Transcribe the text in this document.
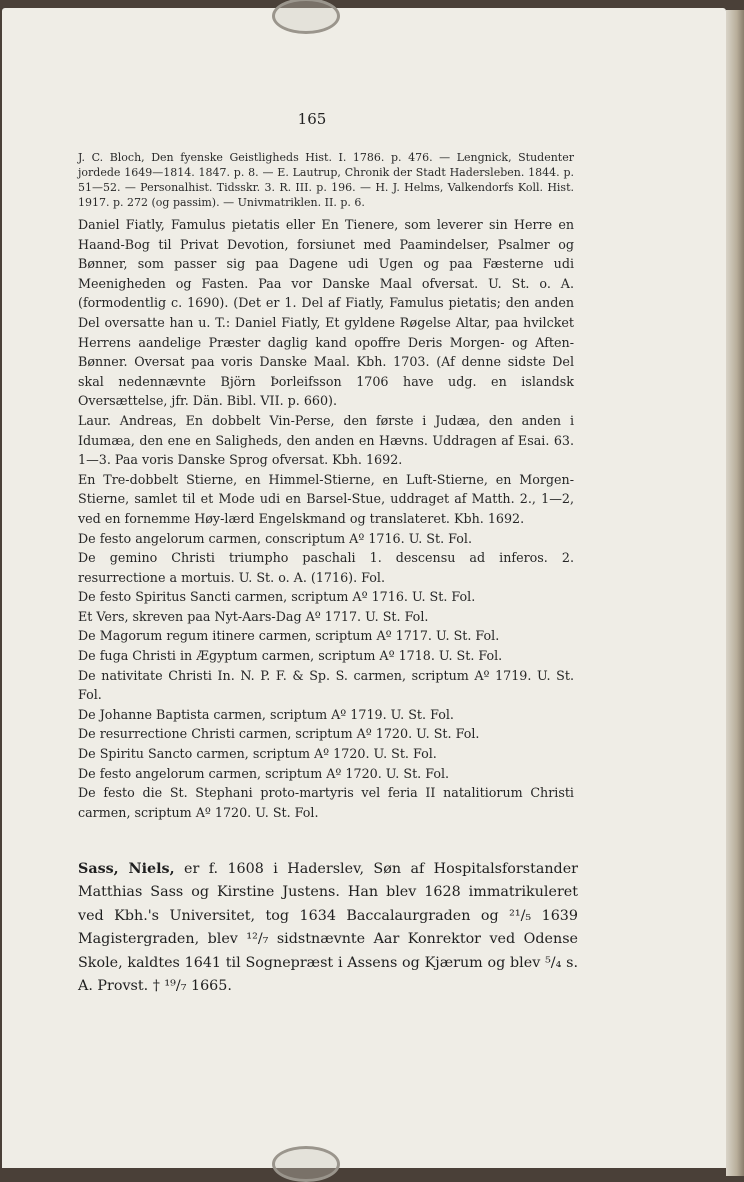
165
J. C. Bloch, Den fyenske Geistligheds Hist. I. 1786. p. 476. — Lengnick, Studenter jordede 1649—1814. 1847. p. 8. — E. Lautrup, Chronik der Stadt Hadersleben. 1844. p. 51—52. — Personalhist. Tidsskr. 3. R. III. p. 196. — H. J. Helms, Valkendorfs Koll. Hist. 1917. p. 272 (og passim). — Univmatriklen. II. p. 6.

Daniel Fiatly, Famulus pietatis eller En Tienere, som leverer sin Herre en Haand-Bog til Privat Devotion, forsiunet med Paamindelser, Psalmer og Bønner, som passer sig paa Dagene udi Ugen og paa Fæsterne udi Meenigheden og Fasten. Paa vor Danske Maal ofversat. U. St. o. A. (formodentlig c. 1690). (Det er 1. Del af Fiatly, Famulus pietatis; den anden Del oversatte han u. T.: Daniel Fiatly, Et gyldene Røgelse Altar, paa hvilcket Herrens aandelige Præster daglig kand opoffre Deris Morgen- og Aften-Bønner. Oversat paa voris Danske Maal. Kbh. 1703. (Af denne sidste Del skal nedennævnte Björn Þorleifsson 1706 have udg. en islandsk Oversættelse, jfr. Dän. Bibl. VII. p. 660).

Laur. Andreas, En dobbelt Vin-Perse, den første i Judæa, den anden i Idumæa, den ene en Saligheds, den anden en Hævns. Uddragen af Esai. 63. 1—3. Paa voris Danske Sprog ofversat. Kbh. 1692.

En Tre-dobbelt Stierne, en Himmel-Stierne, en Luft-Stierne, en Morgen-Stierne, samlet til et Mode udi en Barsel-Stue, uddraget af Matth. 2., 1—2, ved en fornemme Høy-lærd Engelskmand og translateret. Kbh. 1692.

De festo angelorum carmen, conscriptum Aº 1716. U. St. Fol.

De gemino Christi triumpho paschali 1. descensu ad inferos. 2. resurrectione a mortuis. U. St. o. A. (1716). Fol.

De festo Spiritus Sancti carmen, scriptum Aº 1716. U. St. Fol.

Et Vers, skreven paa Nyt-Aars-Dag Aº 1717. U. St. Fol.

De Magorum regum itinere carmen, scriptum Aº 1717. U. St. Fol.

De fuga Christi in Ægyptum carmen, scriptum Aº 1718. U. St. Fol.

De nativitate Christi In. N. P. F. & Sp. S. carmen, scriptum Aº 1719. U. St. Fol.

De Johanne Baptista carmen, scriptum Aº 1719. U. St. Fol.

De resurrectione Christi carmen, scriptum Aº 1720. U. St. Fol.

De Spiritu Sancto carmen, scriptum Aº 1720. U. St. Fol.

De festo angelorum carmen, scriptum Aº 1720. U. St. Fol.

De festo die St. Stephani proto-martyris vel feria II natalitiorum Christi carmen, scriptum Aº 1720. U. St. Fol.

Sass, Niels, er f. 1608 i Haderslev, Søn af Hospitalsforstander Matthias Sass og Kirstine Justens. Han blev 1628 immatrikuleret ved Kbh.'s Universitet, tog 1634 Baccalaurgraden og ²¹/₅ 1639 Magistergraden, blev ¹²/₇ sidstnævnte Aar Konrektor ved Odense Skole, kaldtes 1641 til Sognepræst i Assens og Kjærum og blev ⁵/₄ s. A. Provst. † ¹⁹/₇ 1665.
